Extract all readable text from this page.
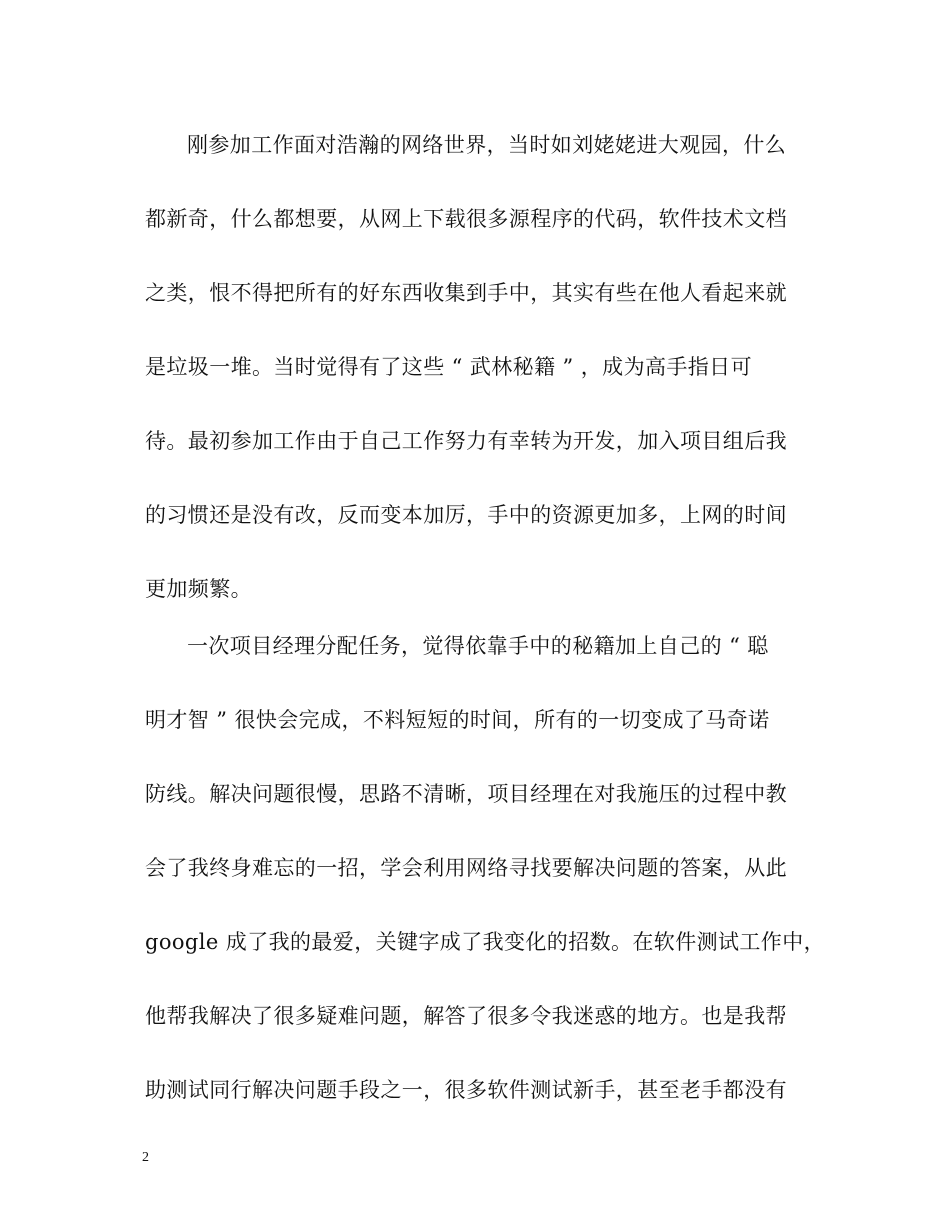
刚参加工作面对浩瀚的网络世界，当时如刘姥姥进大观园，什么
都新奇，什么都想要，从网上下载很多源程序的代码，软件技术文档
之类，恨不得把所有的好东西收集到手中，其实有些在他人看起来就
是垃圾一堆。当时觉得有了这些 “ 武林秘籍 ” ，成为高手指日可
待。最初参加工作由于自己工作努力有幸转为开发，加入项目组后我
的习惯还是没有改，反而变本加厉，手中的资源更加多，上网的时间
更加频繁。
一次项目经理分配任务，觉得依靠手中的秘籍加上自己的 “ 聪
明才智 ” 很快会完成，不料短短的时间，所有的一切变成了马奇诺
防线。解决问题很慢，思路不清晰，项目经理在对我施压的过程中教
会了我终身难忘的一招，学会利用网络寻找要解决问题的答案，从此
google 成了我的最爱，关键字成了我变化的招数。在软件测试工作中，
他帮我解决了很多疑难问题，解答了很多令我迷惑的地方。也是我帮
助测试同行解决问题手段之一，很多软件测试新手，甚至老手都没有
2
